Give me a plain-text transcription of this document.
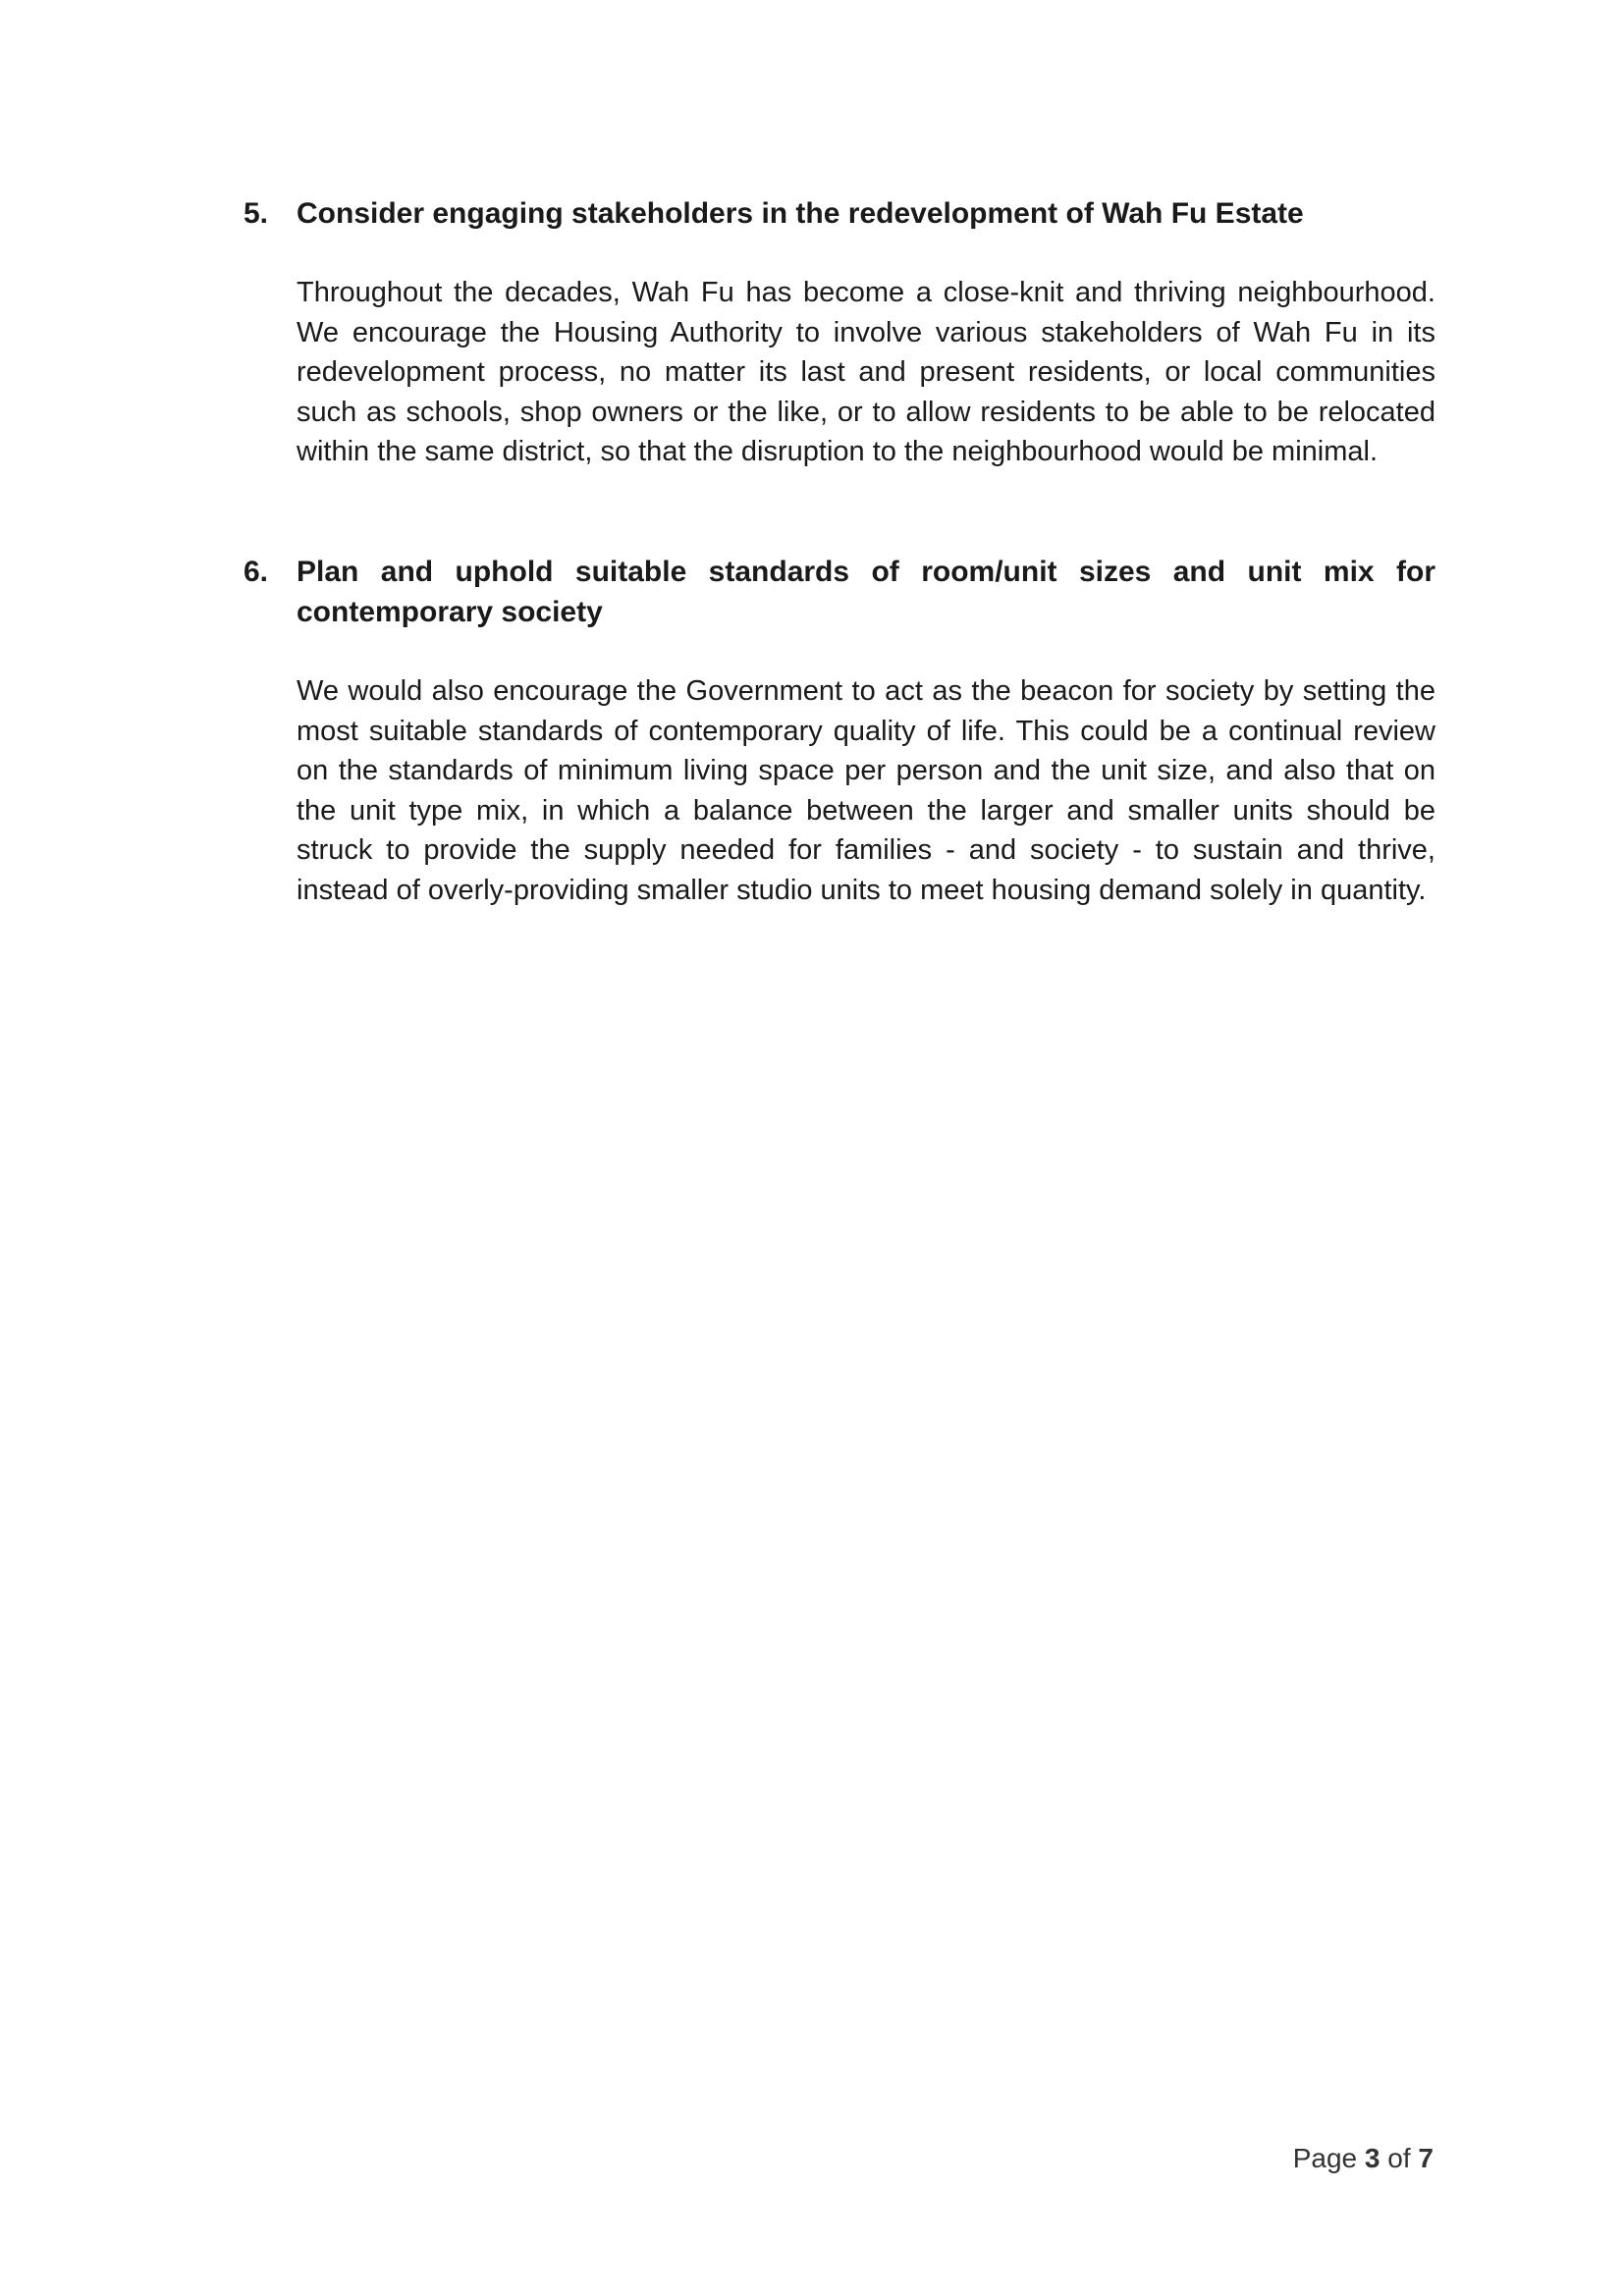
5. Consider engaging stakeholders in the redevelopment of Wah Fu Estate
Throughout the decades, Wah Fu has become a close-knit and thriving neighbourhood. We encourage the Housing Authority to involve various stakeholders of Wah Fu in its redevelopment process, no matter its last and present residents, or local communities such as schools, shop owners or the like, or to allow residents to be able to be relocated within the same district, so that the disruption to the neighbourhood would be minimal.
6. Plan and uphold suitable standards of room/unit sizes and unit mix for contemporary society
We would also encourage the Government to act as the beacon for society by setting the most suitable standards of contemporary quality of life. This could be a continual review on the standards of minimum living space per person and the unit size, and also that on the unit type mix, in which a balance between the larger and smaller units should be struck to provide the supply needed for families - and society - to sustain and thrive, instead of overly-providing smaller studio units to meet housing demand solely in quantity.
Page 3 of 7
